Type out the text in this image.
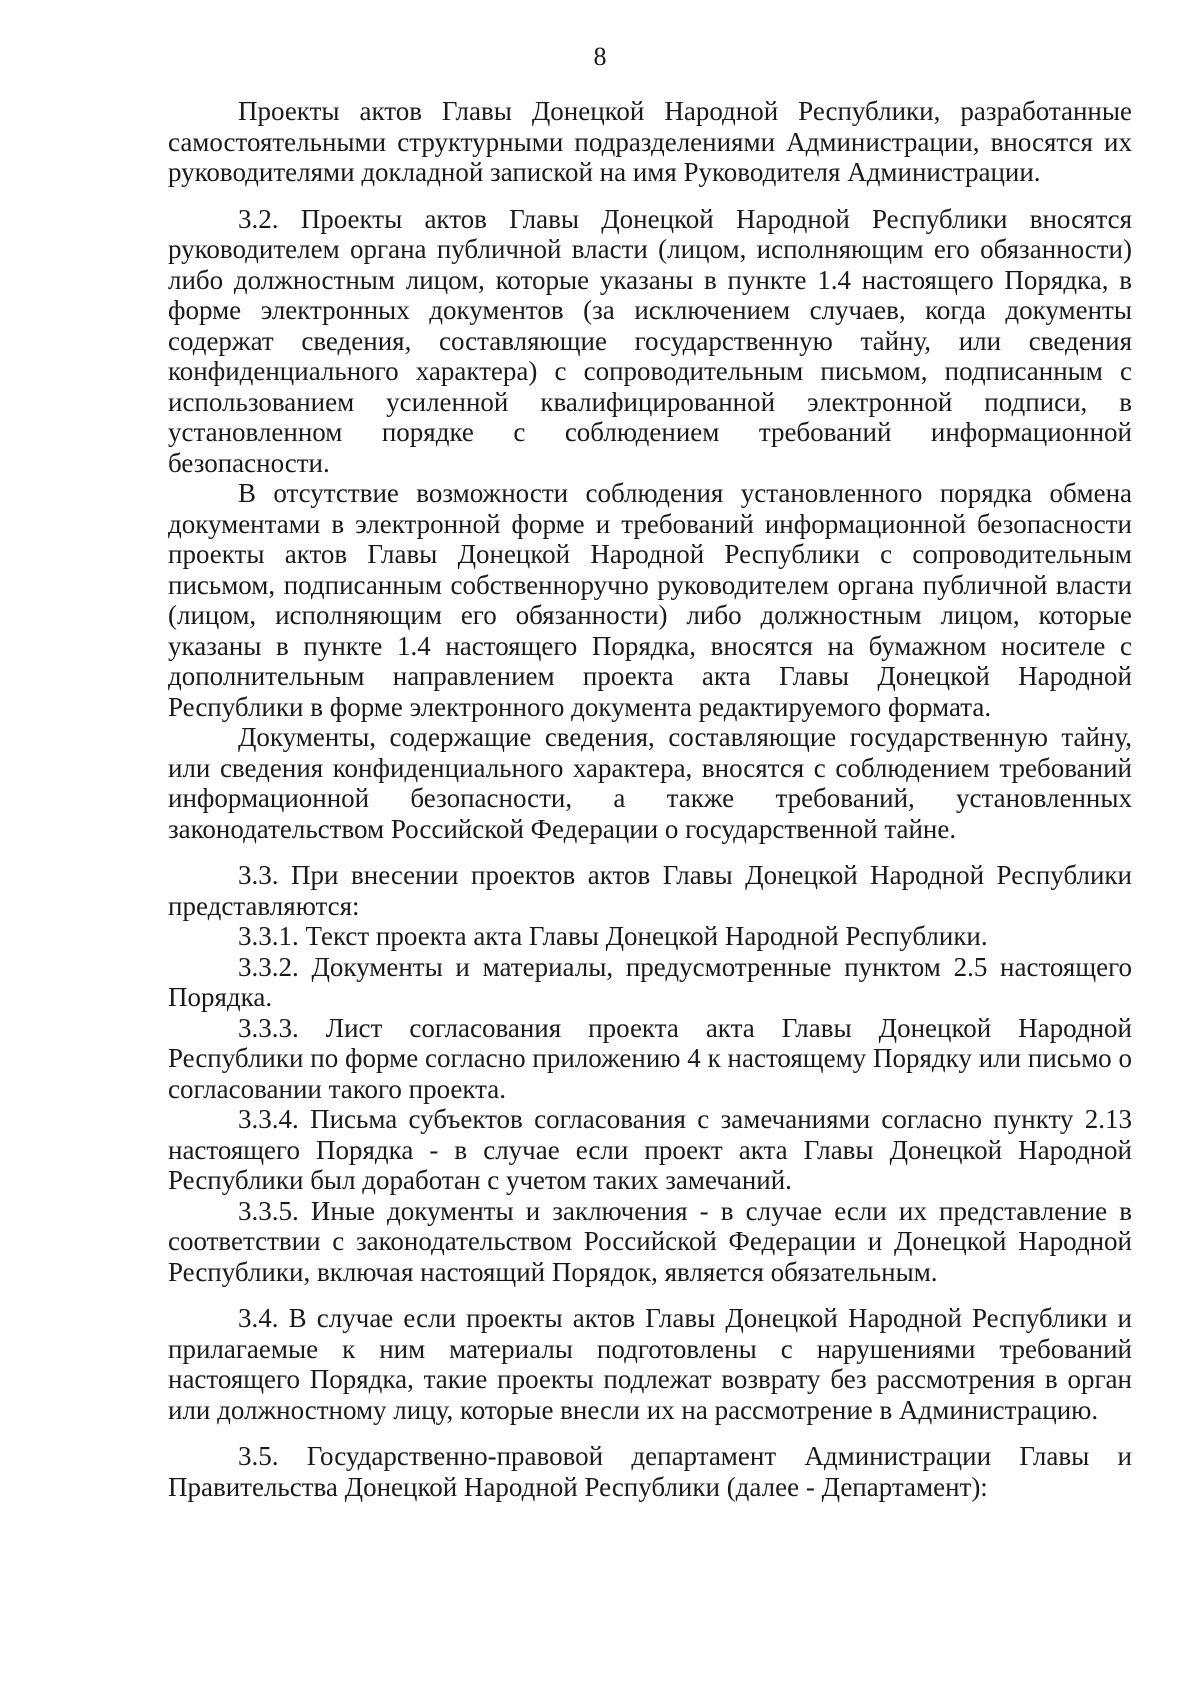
8

Проекты актов Главы Донецкой Народной Республики, разработанные самостоятельными структурными подразделениями Администрации, вносятся их руководителями докладной запиской на имя Руководителя Администрации.

3.2. Проекты актов Главы Донецкой Народной Республики вносятся руководителем органа публичной власти (лицом, исполняющим его обязанности) либо должностным лицом, которые указаны в пункте 1.4 настоящего Порядка, в форме электронных документов (за исключением случаев, когда документы содержат сведения, составляющие государственную тайну, или сведения конфиденциального характера) с сопроводительным письмом, подписанным с использованием усиленной квалифицированной электронной подписи, в установленном порядке с соблюдением требований информационной безопасности.

В отсутствие возможности соблюдения установленного порядка обмена документами в электронной форме и требований информационной безопасности проекты актов Главы Донецкой Народной Республики с сопроводительным письмом, подписанным собственноручно руководителем органа публичной власти (лицом, исполняющим его обязанности) либо должностным лицом, которые указаны в пункте 1.4 настоящего Порядка, вносятся на бумажном носителе с дополнительным направлением проекта акта Главы Донецкой Народной Республики в форме электронного документа редактируемого формата.

Документы, содержащие сведения, составляющие государственную тайну, или сведения конфиденциального характера, вносятся с соблюдением требований информационной безопасности, а также требований, установленных законодательством Российской Федерации о государственной тайне.

3.3. При внесении проектов актов Главы Донецкой Народной Республики представляются:

3.3.1. Текст проекта акта Главы Донецкой Народной Республики.

3.3.2. Документы и материалы, предусмотренные пунктом 2.5 настоящего Порядка.

3.3.3. Лист согласования проекта акта Главы Донецкой Народной Республики по форме согласно приложению 4 к настоящему Порядку или письмо о согласовании такого проекта.

3.3.4. Письма субъектов согласования с замечаниями согласно пункту 2.13 настоящего Порядка - в случае если проект акта Главы Донецкой Народной Республики был доработан с учетом таких замечаний.

3.3.5. Иные документы и заключения - в случае если их представление в соответствии с законодательством Российской Федерации и Донецкой Народной Республики, включая настоящий Порядок, является обязательным.

3.4. В случае если проекты актов Главы Донецкой Народной Республики и прилагаемые к ним материалы подготовлены с нарушениями требований настоящего Порядка, такие проекты подлежат возврату без рассмотрения в орган или должностному лицу, которые внесли их на рассмотрение в Администрацию.

3.5. Государственно-правовой департамент Администрации Главы и Правительства Донецкой Народной Республики (далее - Департамент):
